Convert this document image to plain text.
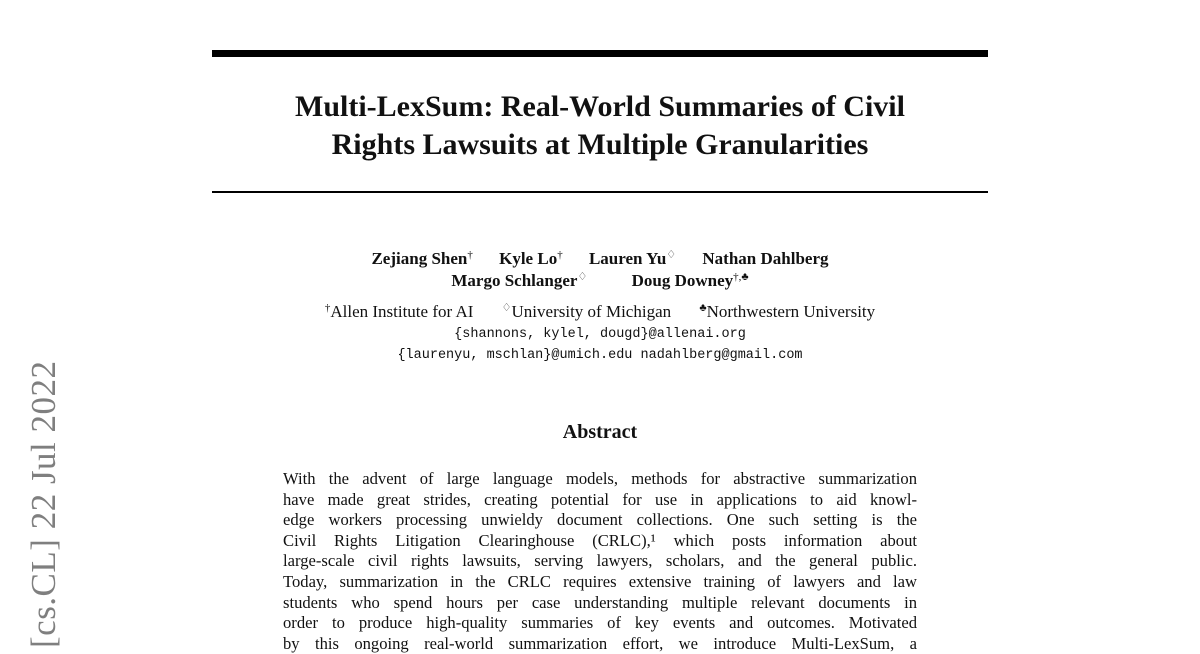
[cs.CL] 22 Jul 2022
Multi-LexSum: Real-World Summaries of Civil
Rights Lawsuits at Multiple Granularities
Zejiang Shen† Kyle Lo† Lauren Yu♢ Nathan Dahlberg
Margo Schlanger♢	Doug Downey†,♣
†Allen Institute for AI	♢University of Michigan	♣Northwestern University
{shannons, kylel, dougd}@allenai.org
{laurenyu, mschlan}@umich.edu nadahlberg@gmail.com
Abstract
With the advent of large language models, methods for abstractive summarization
have made great strides, creating potential for use in applications to aid knowl-
edge workers processing unwieldy document collections. One such setting is the
Civil Rights Litigation Clearinghouse (CRLC),¹ which posts information about
large-scale civil rights lawsuits, serving lawyers, scholars, and the general public.
Today, summarization in the CRLC requires extensive training of lawyers and law
students who spend hours per case understanding multiple relevant documents in
order to produce high-quality summaries of key events and outcomes. Motivated
by this ongoing real-world summarization effort, we introduce Multi-LexSum, a
